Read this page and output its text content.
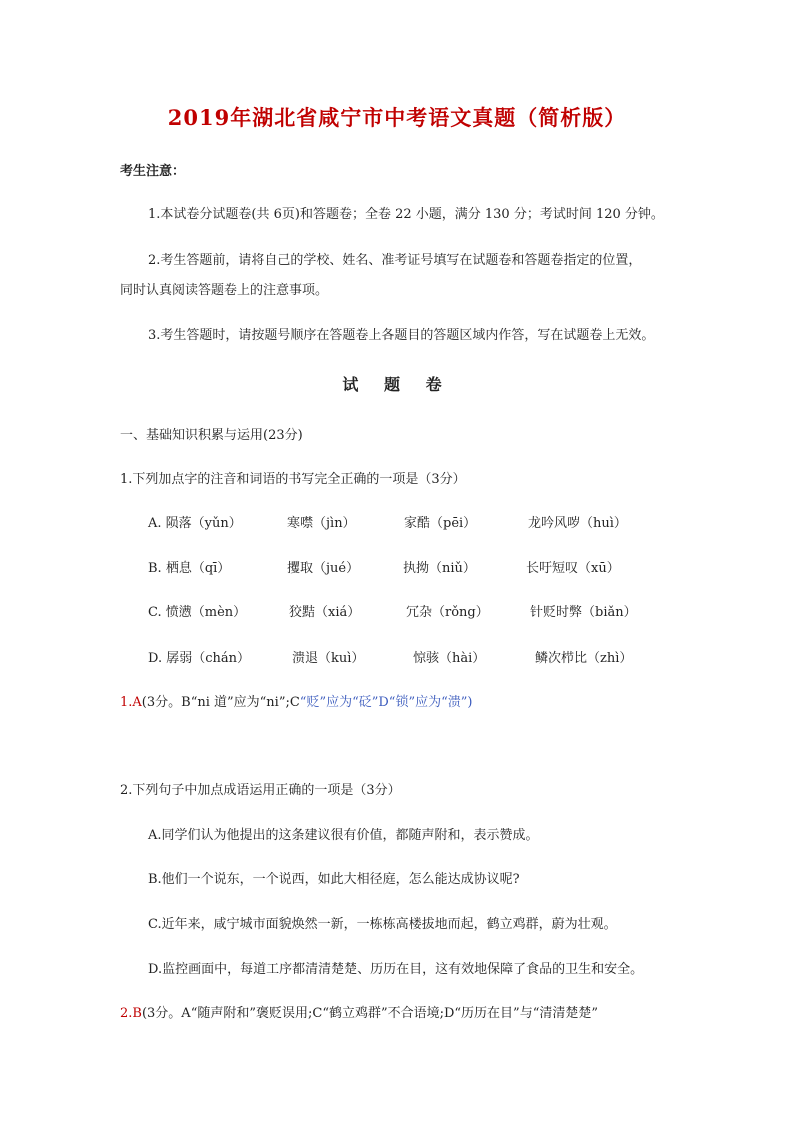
2019年湖北省咸宁市中考语文真题（简析版）
考生注意：
1.本试卷分试题卷(共 6页)和答题卷；全卷 22 小题，满分 130 分；考试时间 120 分钟。
2.考生答题前，请将自己的学校、姓名、准考证号填写在试题卷和答题卷指定的位置，
同时认真阅读答题卷上的注意事项。
3.考生答题时，请按题号顺序在答题卷上各题目的答题区域内作答，写在试题卷上无效。
试 题 卷
一、基础知识积累与运用(23分)
1.下列加点字的注音和词语的书写完全正确的一项是（3分）
A. 陨落（yǔn）	寒噤（jìn）	家酷（pēi）	龙吟风哕（huì）
B. 栖息（qī）	攫取（jué）	执拗（niǔ）	长吁短叹（xū）
C. 愤懑（mèn）	狡黠（xiá）	冗杂（rǒng）	针贬时弊（biǎn）
D. 孱弱（chán）	溃退（kuì）	惊骇（hài）	鳞次栉比（zhì）
1.A(3分。B“ni 道”应为“ni”;C“贬”应为“砭”D“锁”应为“溃”)
2.下列句子中加点成语运用正确的一项是（3分）
A.同学们认为他提出的这条建议很有价值，都随声附和，表示赞成。
B.他们一个说东，一个说西，如此大相径庭，怎么能达成协议呢?
C.近年来，咸宁城市面貌焕然一新，一栋栋高楼拔地而起，鹤立鸡群，蔚为壮观。
D.监控画面中，每道工序都清清楚楚、历历在目，这有效地保障了食品的卫生和安全。
2.B(3分。A“随声附和”褒贬误用;C“鹤立鸡群”不合语境;D“历历在目”与“清清楚楚”
